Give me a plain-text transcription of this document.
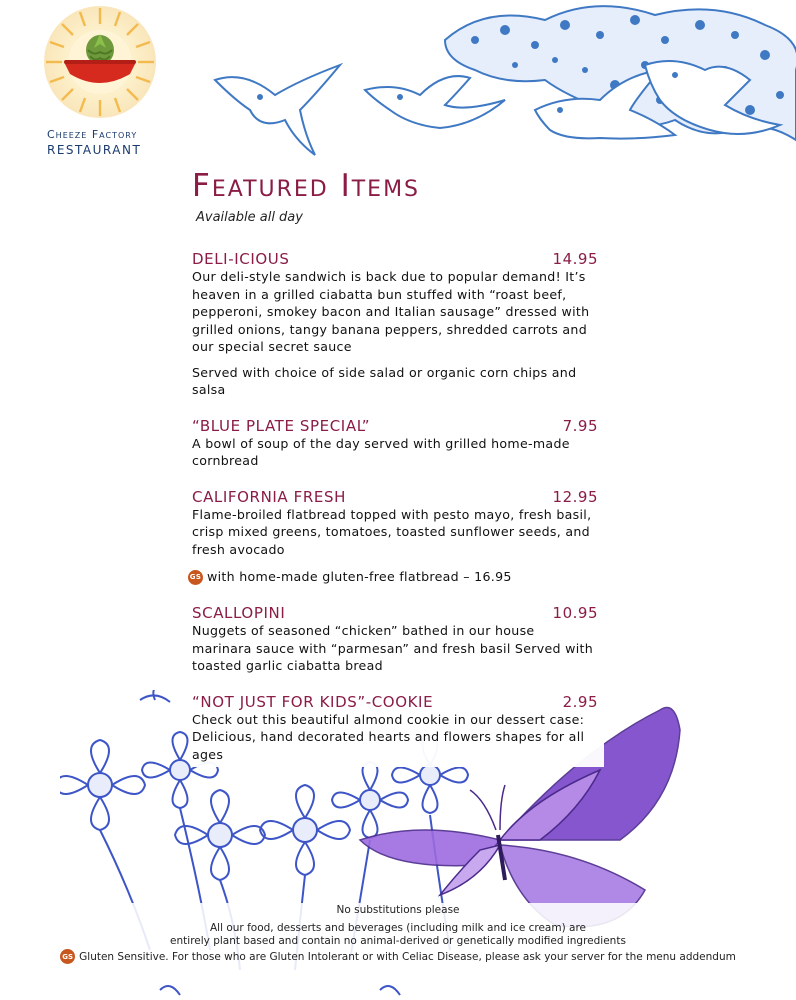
Cheeze Factory
RESTAURANT
Featured Items
Available all day
DELI-ICIOUS	14.95
Our deli-style sandwich is back due to popular demand! It’s heaven in a grilled ciabatta bun stuffed with “roast beef, pepperoni, smokey bacon and Italian sausage” dressed with grilled onions, tangy banana peppers, shredded carrots and our special secret sauce
Served with choice of side salad or organic corn chips and salsa
“BLUE PLATE SPECIAL”	7.95
A bowl of soup of the day served with grilled home-made cornbread
CALIFORNIA FRESH	12.95
Flame-broiled flatbread topped with pesto mayo, fresh basil, crisp mixed greens, tomatoes, toasted sunflower seeds, and fresh avocado
GS with home-made gluten-free flatbread – 16.95
SCALLOPINI	10.95
Nuggets of seasoned “chicken” bathed in our house marinara sauce with “parmesan” and fresh basil Served with toasted garlic ciabatta bread
“NOT JUST FOR KIDS”-COOKIE	2.95
Check out this beautiful almond cookie in our dessert case: Delicious, hand decorated hearts and flowers shapes for all ages
No substitutions please
All our food, desserts and beverages (including milk and ice cream) are
entirely plant based and contain no animal-derived or genetically modified ingredients
GS Gluten Sensitive. For those who are Gluten Intolerant or with Celiac Disease, please ask your server for the menu addendum
